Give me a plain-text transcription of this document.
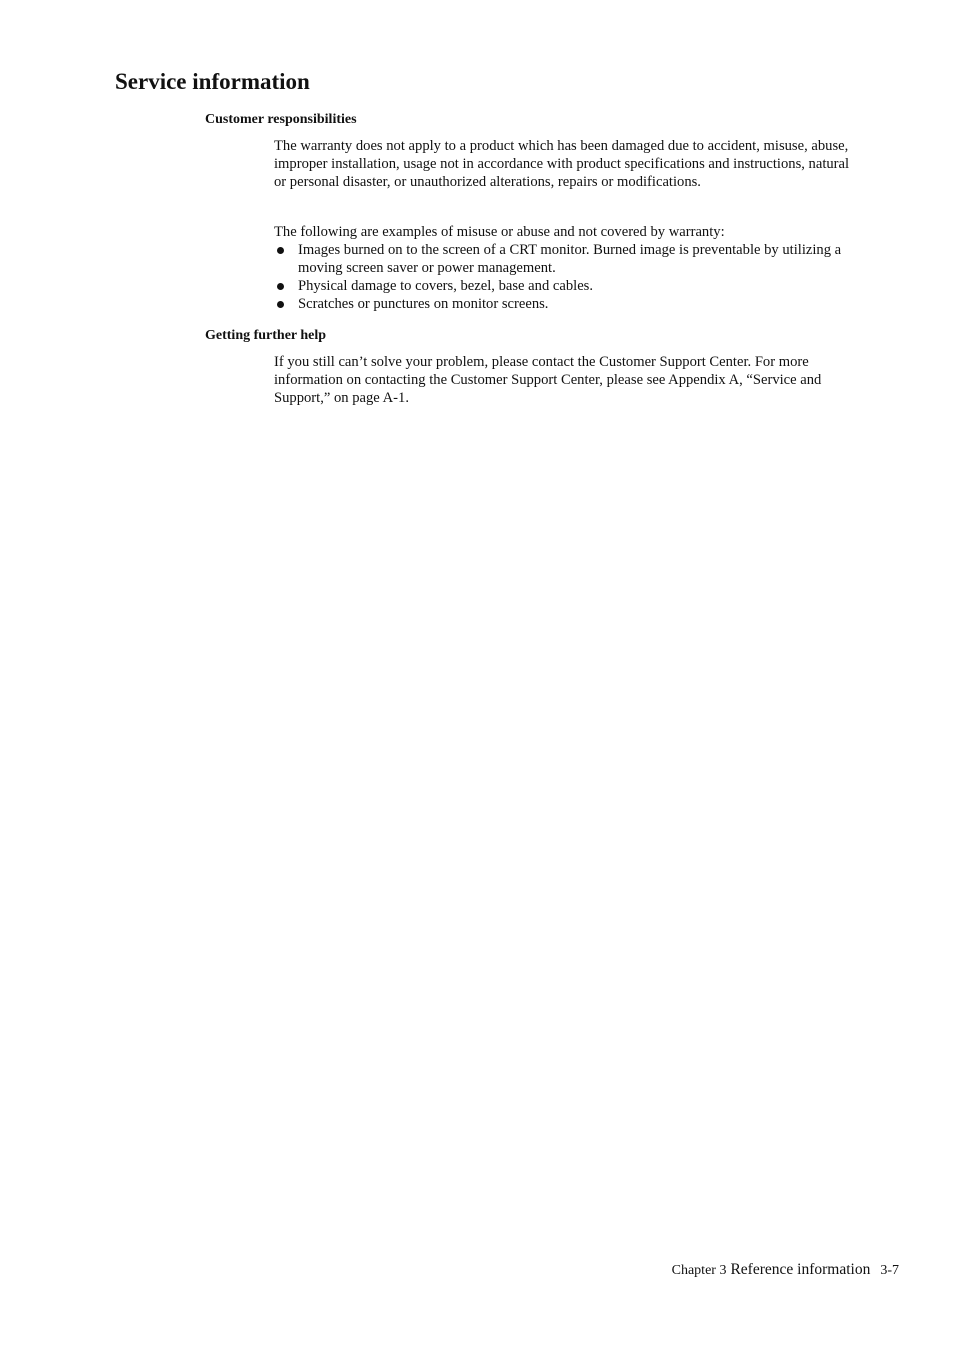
Service information
Customer responsibilities

The warranty does not apply to a product which has been damaged due to accident, misuse, abuse, improper installation, usage not in accordance with product specifications and instructions, natural or personal disaster, or unauthorized alterations, repairs or modifications.

The following are examples of misuse or abuse and not covered by warranty:

Images burned on to the screen of a CRT monitor. Burned image is preventable by utilizing a moving screen saver or power management.
Physical damage to covers, bezel, base and cables.
Scratches or punctures on monitor screens.
Getting further help

If you still can’t solve your problem, please contact the Customer Support Center. For more information on contacting the Customer Support Center, please see Appendix A, “Service and Support,” on page A-1.

Chapter 3 Reference information 3-7
